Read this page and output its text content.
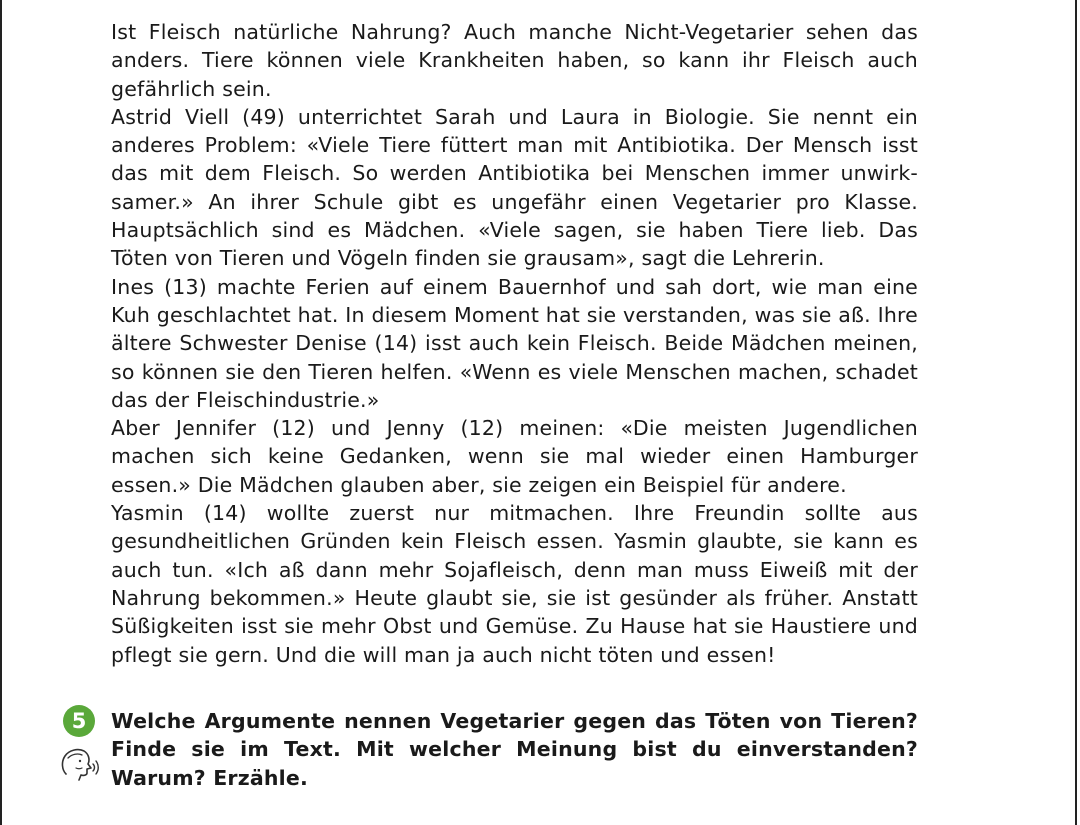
Ist Fleisch natürliche Nahrung? Auch manche Nicht-Vegetarier sehen das anders. Tiere können viele Krankheiten haben, so kann ihr Fleisch auch gefährlich sein.

Astrid Viell (49) unterrichtet Sarah und Laura in Biologie. Sie nennt ein anderes Problem: «Viele Tiere füttert man mit Antibiotika. Der Mensch isst das mit dem Fleisch. So werden Antibiotika bei Menschen immer unwirk-samer.» An ihrer Schule gibt es ungefähr einen Vegetarier pro Klasse. Hauptsächlich sind es Mädchen. «Viele sagen, sie haben Tiere lieb. Das Töten von Tieren und Vögeln finden sie grausam», sagt die Lehrerin.

Ines (13) machte Ferien auf einem Bauernhof und sah dort, wie man eine Kuh geschlachtet hat. In diesem Moment hat sie verstanden, was sie aß. Ihre ältere Schwester Denise (14) isst auch kein Fleisch. Beide Mädchen meinen, so können sie den Tieren helfen. «Wenn es viele Menschen machen, schadet das der Fleischindustrie.»

Aber Jennifer (12) und Jenny (12) meinen: «Die meisten Jugendlichen machen sich keine Gedanken, wenn sie mal wieder einen Hamburger essen.» Die Mädchen glauben aber, sie zeigen ein Beispiel für andere.

Yasmin (14) wollte zuerst nur mitmachen. Ihre Freundin sollte aus gesundheitlichen Gründen kein Fleisch essen. Yasmin glaubte, sie kann es auch tun. «Ich aß dann mehr Sojafleisch, denn man muss Eiweiß mit der Nahrung bekommen.» Heute glaubt sie, sie ist gesünder als früher. Anstatt Süßigkeiten isst sie mehr Obst und Gemüse. Zu Hause hat sie Haustiere und pflegt sie gern. Und die will man ja auch nicht töten und essen!

5	Welche Argumente nennen Vegetarier gegen das Töten von Tieren? Finde sie im Text. Mit welcher Meinung bist du einverstanden? Warum? Erzähle.
